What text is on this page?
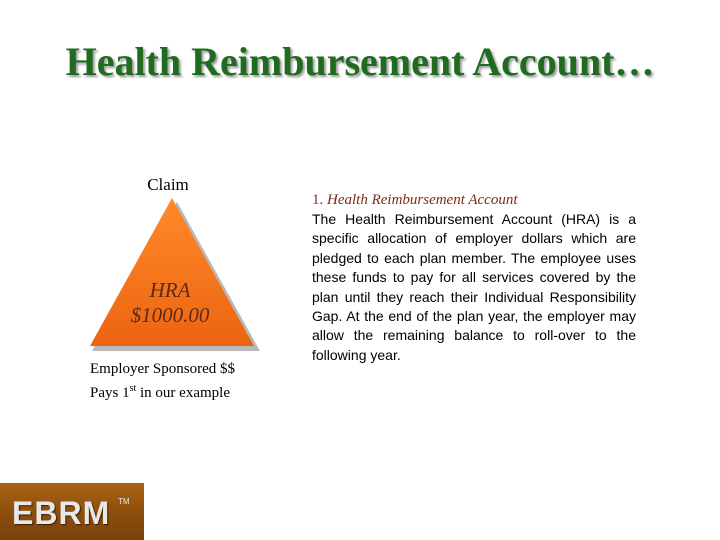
Health Reimbursement Account…
Claim
HRA
$1000.00
Employer Sponsored $$
Pays 1st in our example
1. Health Reimbursement Account

The Health Reimbursement Account (HRA) is a specific allocation of employer dollars which are pledged to each plan member. The employee uses these funds to pay for all services covered by the plan until they reach their Individual Responsibility Gap. At the end of the plan year, the employer may allow the remaining balance to roll-over to the following year.

EBRM TM
